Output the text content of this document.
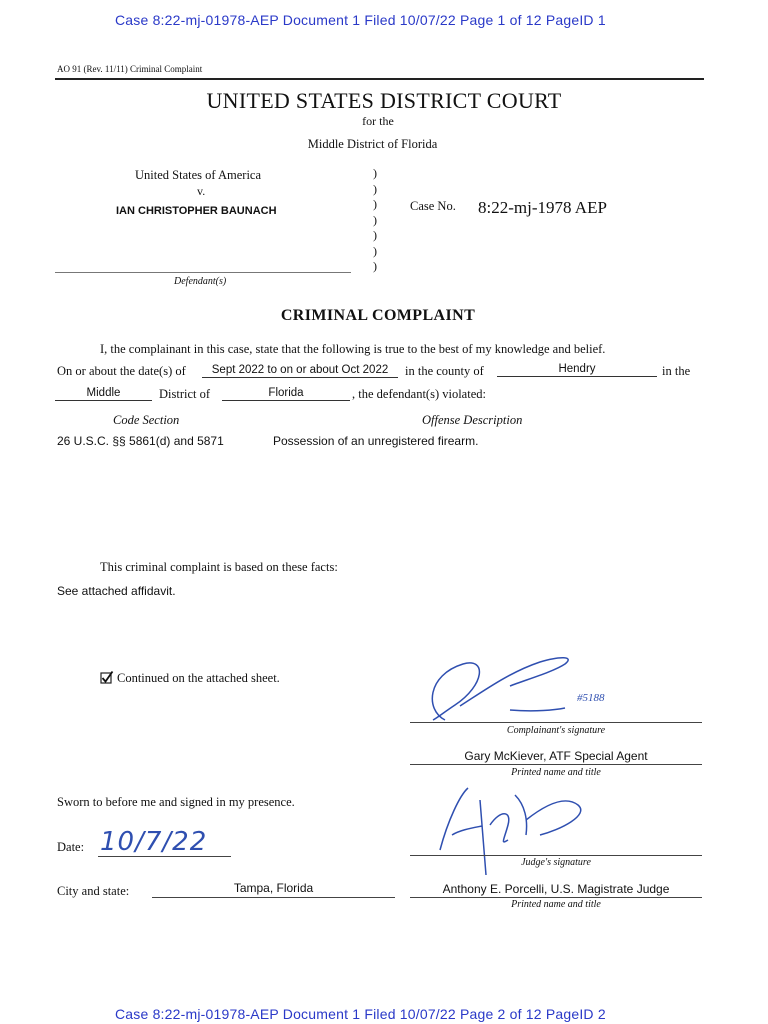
Case 8:22-mj-01978-AEP Document 1 Filed 10/07/22 Page 1 of 12 PageID 1
AO 91 (Rev. 11/11) Criminal Complaint
UNITED STATES DISTRICT COURT
for the
Middle District of Florida
United States of America
v.
IAN CHRISTOPHER BAUNACH
Defendant(s)
)
)
)
)
)
)
)
Case No. 8:22-mj-1978 AEP
CRIMINAL COMPLAINT
I, the complainant in this case, state that the following is true to the best of my knowledge and belief.
On or about the date(s) of	Sept 2022 to on or about Oct 2022	in the county of	Hendry	in the
Middle	District of	Florida	, the defendant(s) violated:
Code Section	Offense Description
26 U.S.C. §§ 5861(d) and 5871	Possession of an unregistered firearm.
This criminal complaint is based on these facts:
See attached affidavit.
Continued on the attached sheet.
#5188
Complainant's signature
Gary McKiever, ATF Special Agent
Printed name and title
Sworn to before me and signed in my presence.
Date: 10/7/22
Judge's signature
City and state:	Tampa, Florida	Anthony E. Porcelli, U.S. Magistrate Judge
Printed name and title
Case 8:22-mj-01978-AEP Document 1 Filed 10/07/22 Page 2 of 12 PageID 2
